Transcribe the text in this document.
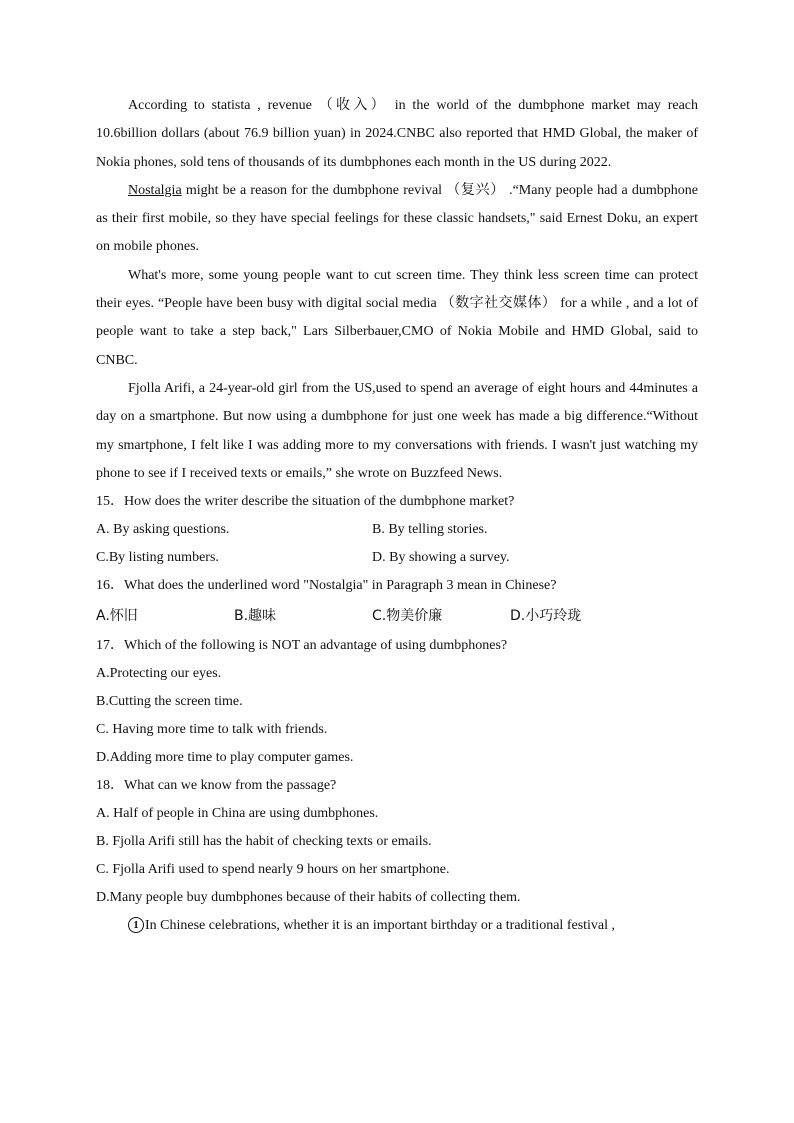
According to statista , revenue （收入） in the world of the dumbphone market may reach 10.6billion dollars (about 76.9 billion yuan) in 2024.CNBC also reported that HMD Global, the maker of Nokia phones, sold tens of thousands of its dumbphones each month in the US during 2022.

Nostalgia might be a reason for the dumbphone revival （复兴） .“Many people had a dumbphone as their first mobile, so they have special feelings for these classic handsets," said Ernest Doku, an expert on mobile phones.

What's more, some young people want to cut screen time. They think less screen time can protect their eyes. “People have been busy with digital social media （数字社交媒体） for a while , and a lot of people want to take a step back," Lars Silberbauer,CMO of Nokia Mobile and HMD Global, said to CNBC.

Fjolla Arifi, a 24-year-old girl from the US,used to spend an average of eight hours and 44minutes a day on a smartphone. But now using a dumbphone for just one week has made a big difference.“Without my smartphone, I felt like I was adding more to my conversations with friends. I wasn't just watching my phone to see if I received texts or emails,” she wrote on Buzzfeed News.

15．How does the writer describe the situation of the dumbphone market?

A. By asking questions.	B. By telling stories.
C.By listing numbers.	D. By showing a survey.

16．What does the underlined word "Nostalgia" in Paragraph 3 mean in Chinese?

A.怀旧	B.趣味	C.物美价廉	D.小巧玲珑

17．Which of the following is NOT an advantage of using dumbphones?

A.Protecting our eyes.

B.Cutting the screen time.

C. Having more time to talk with friends.

D.Adding more time to play computer games.

18．What can we know from the passage?

A. Half of people in China are using dumbphones.

B. Fjolla Arifi still has the habit of checking texts or emails.

C. Fjolla Arifi used to spend nearly 9 hours on her smartphone.

D.Many people buy dumbphones because of their habits of collecting them.

1 In Chinese celebrations, whether it is an important birthday or a traditional festival ,
